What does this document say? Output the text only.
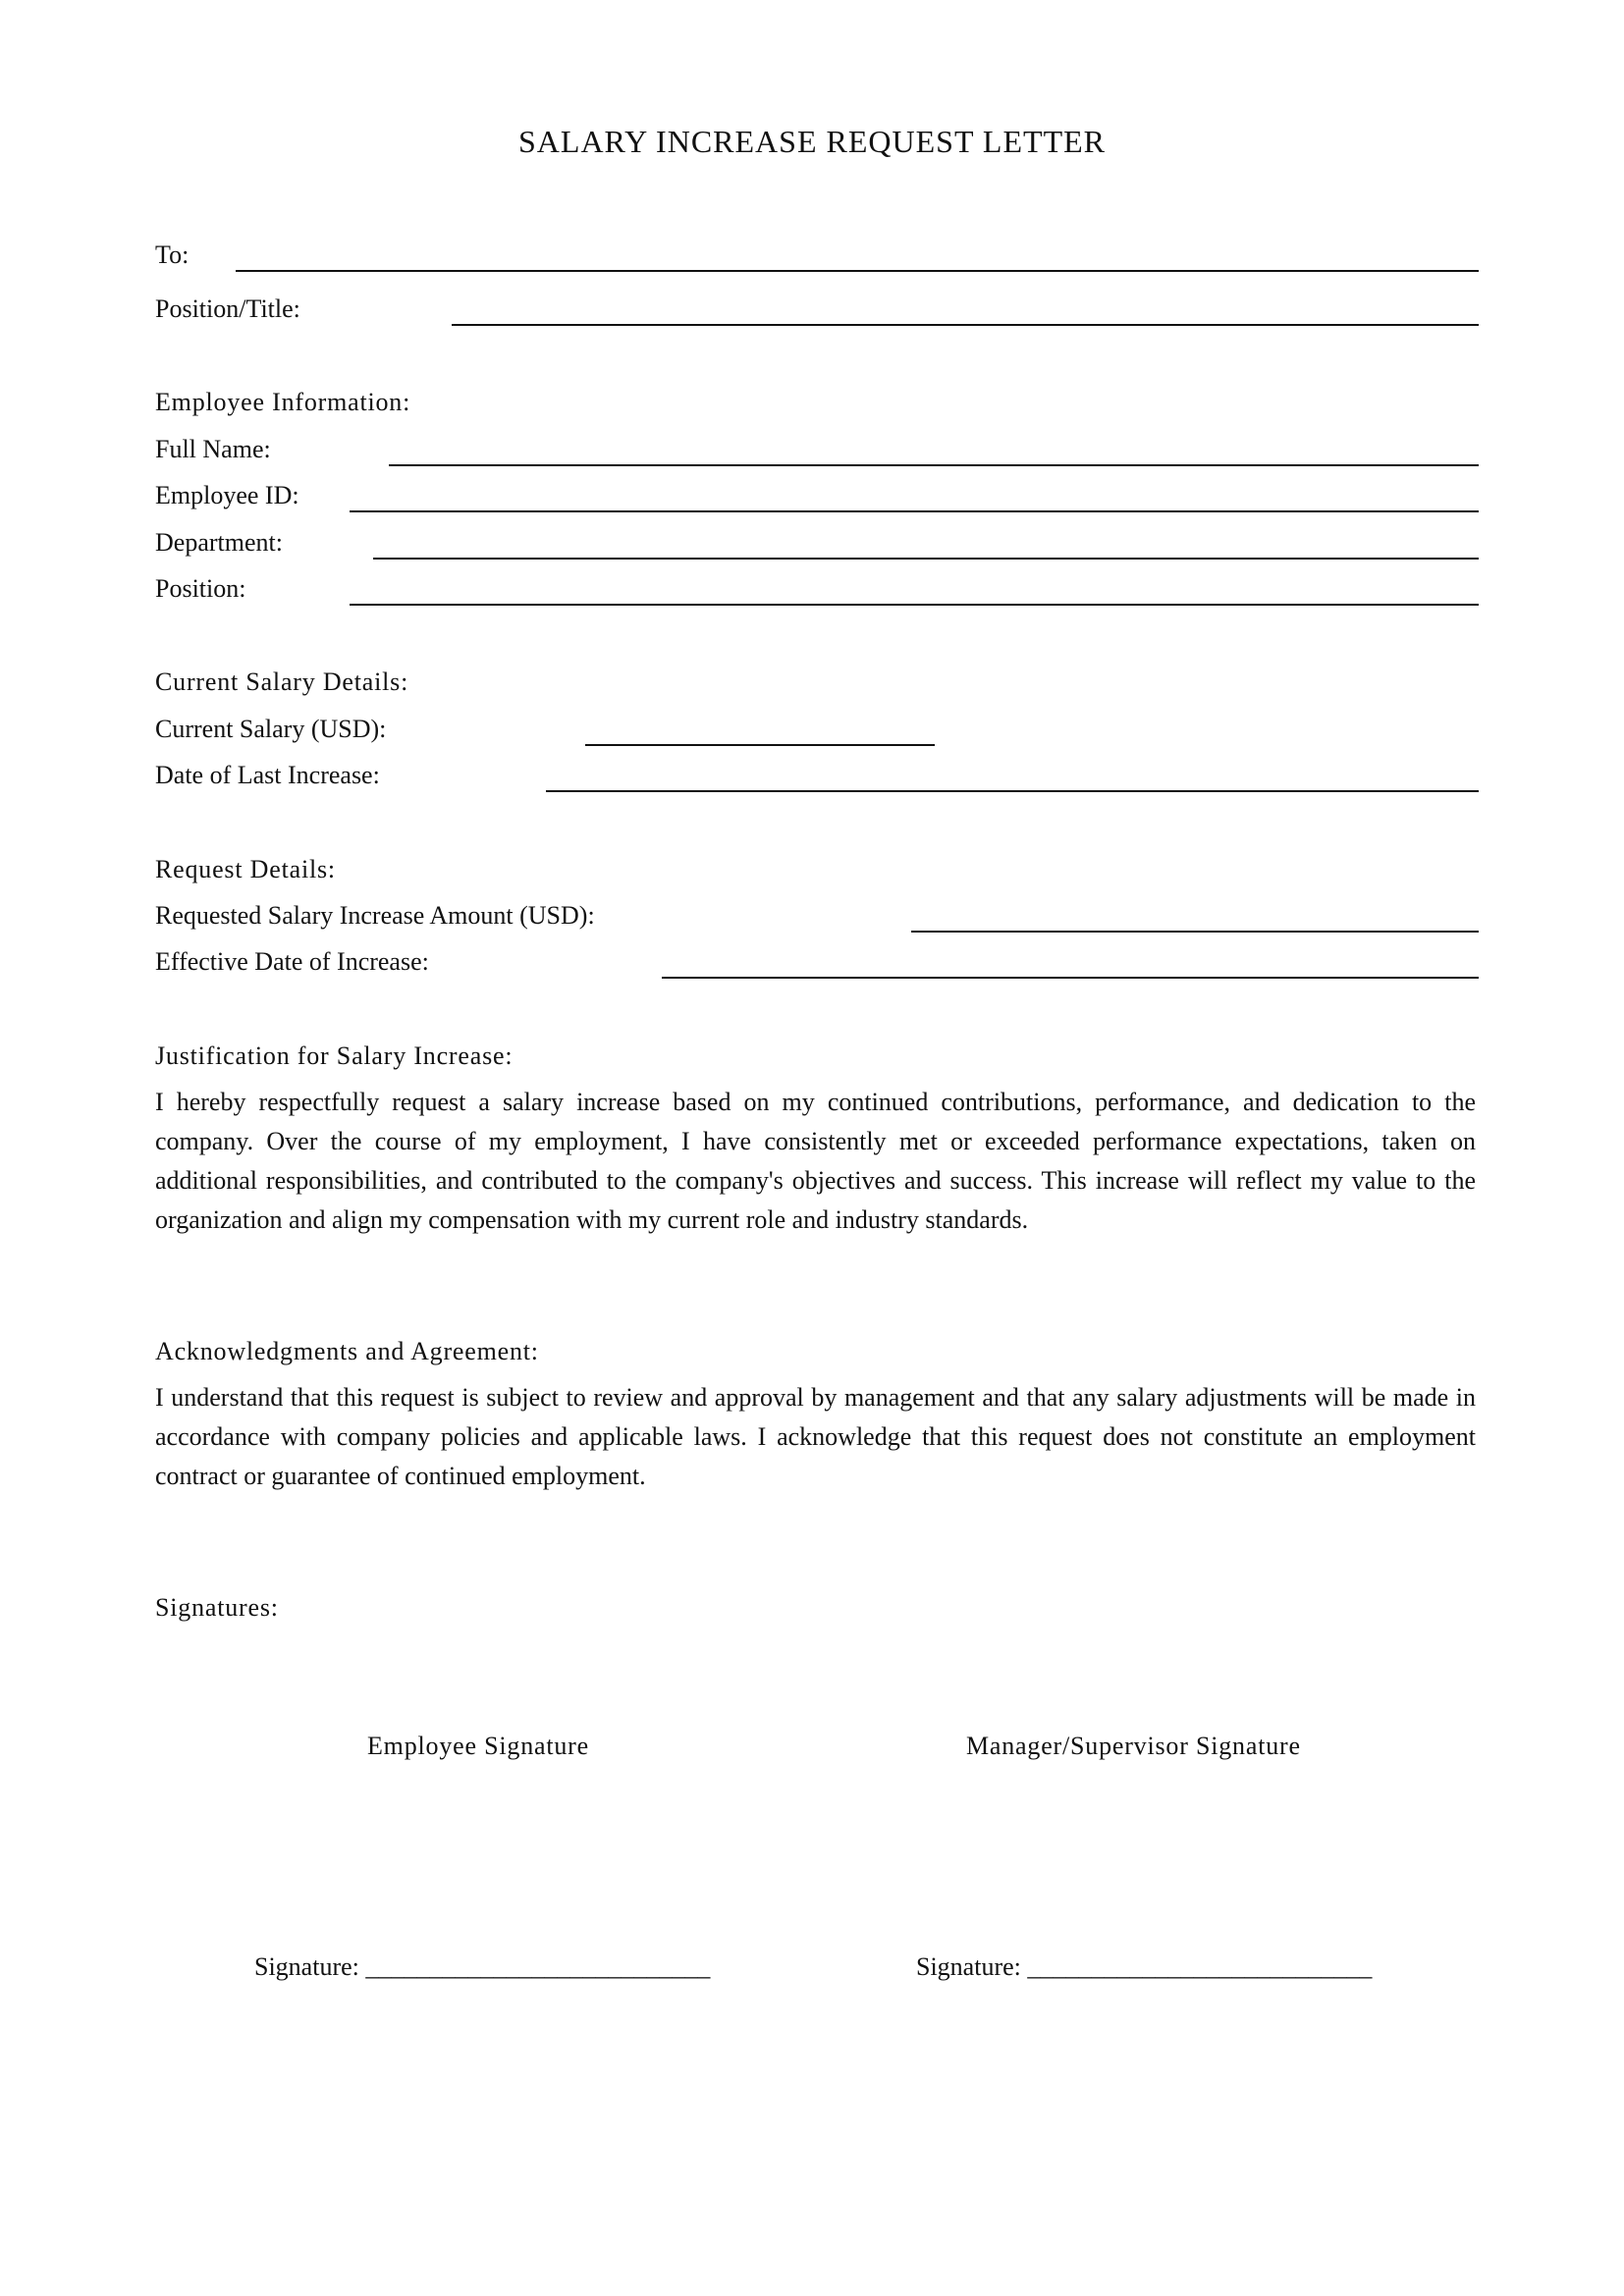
SALARY INCREASE REQUEST LETTER
To:
Position/Title:
Employee Information:
Full Name:
Employee ID:
Department:
Position:
Current Salary Details:
Current Salary (USD):
Date of Last Increase:
Request Details:
Requested Salary Increase Amount (USD):
Effective Date of Increase:
Justification for Salary Increase:
I hereby respectfully request a salary increase based on my continued contributions, performance, and dedication to the company. Over the course of my employment, I have consistently met or exceeded performance expectations, taken on additional responsibilities, and contributed to the company's objectives and success. This increase will reflect my value to the organization and align my compensation with my current role and industry standards.
Acknowledgments and Agreement:
I understand that this request is subject to review and approval by management and that any salary adjustments will be made in accordance with company policies and applicable laws. I acknowledge that this request does not constitute an employment contract or guarantee of continued employment.
Signatures:
Employee Signature	Manager/Supervisor Signature
Signature: ___________________________	Signature: ___________________________
